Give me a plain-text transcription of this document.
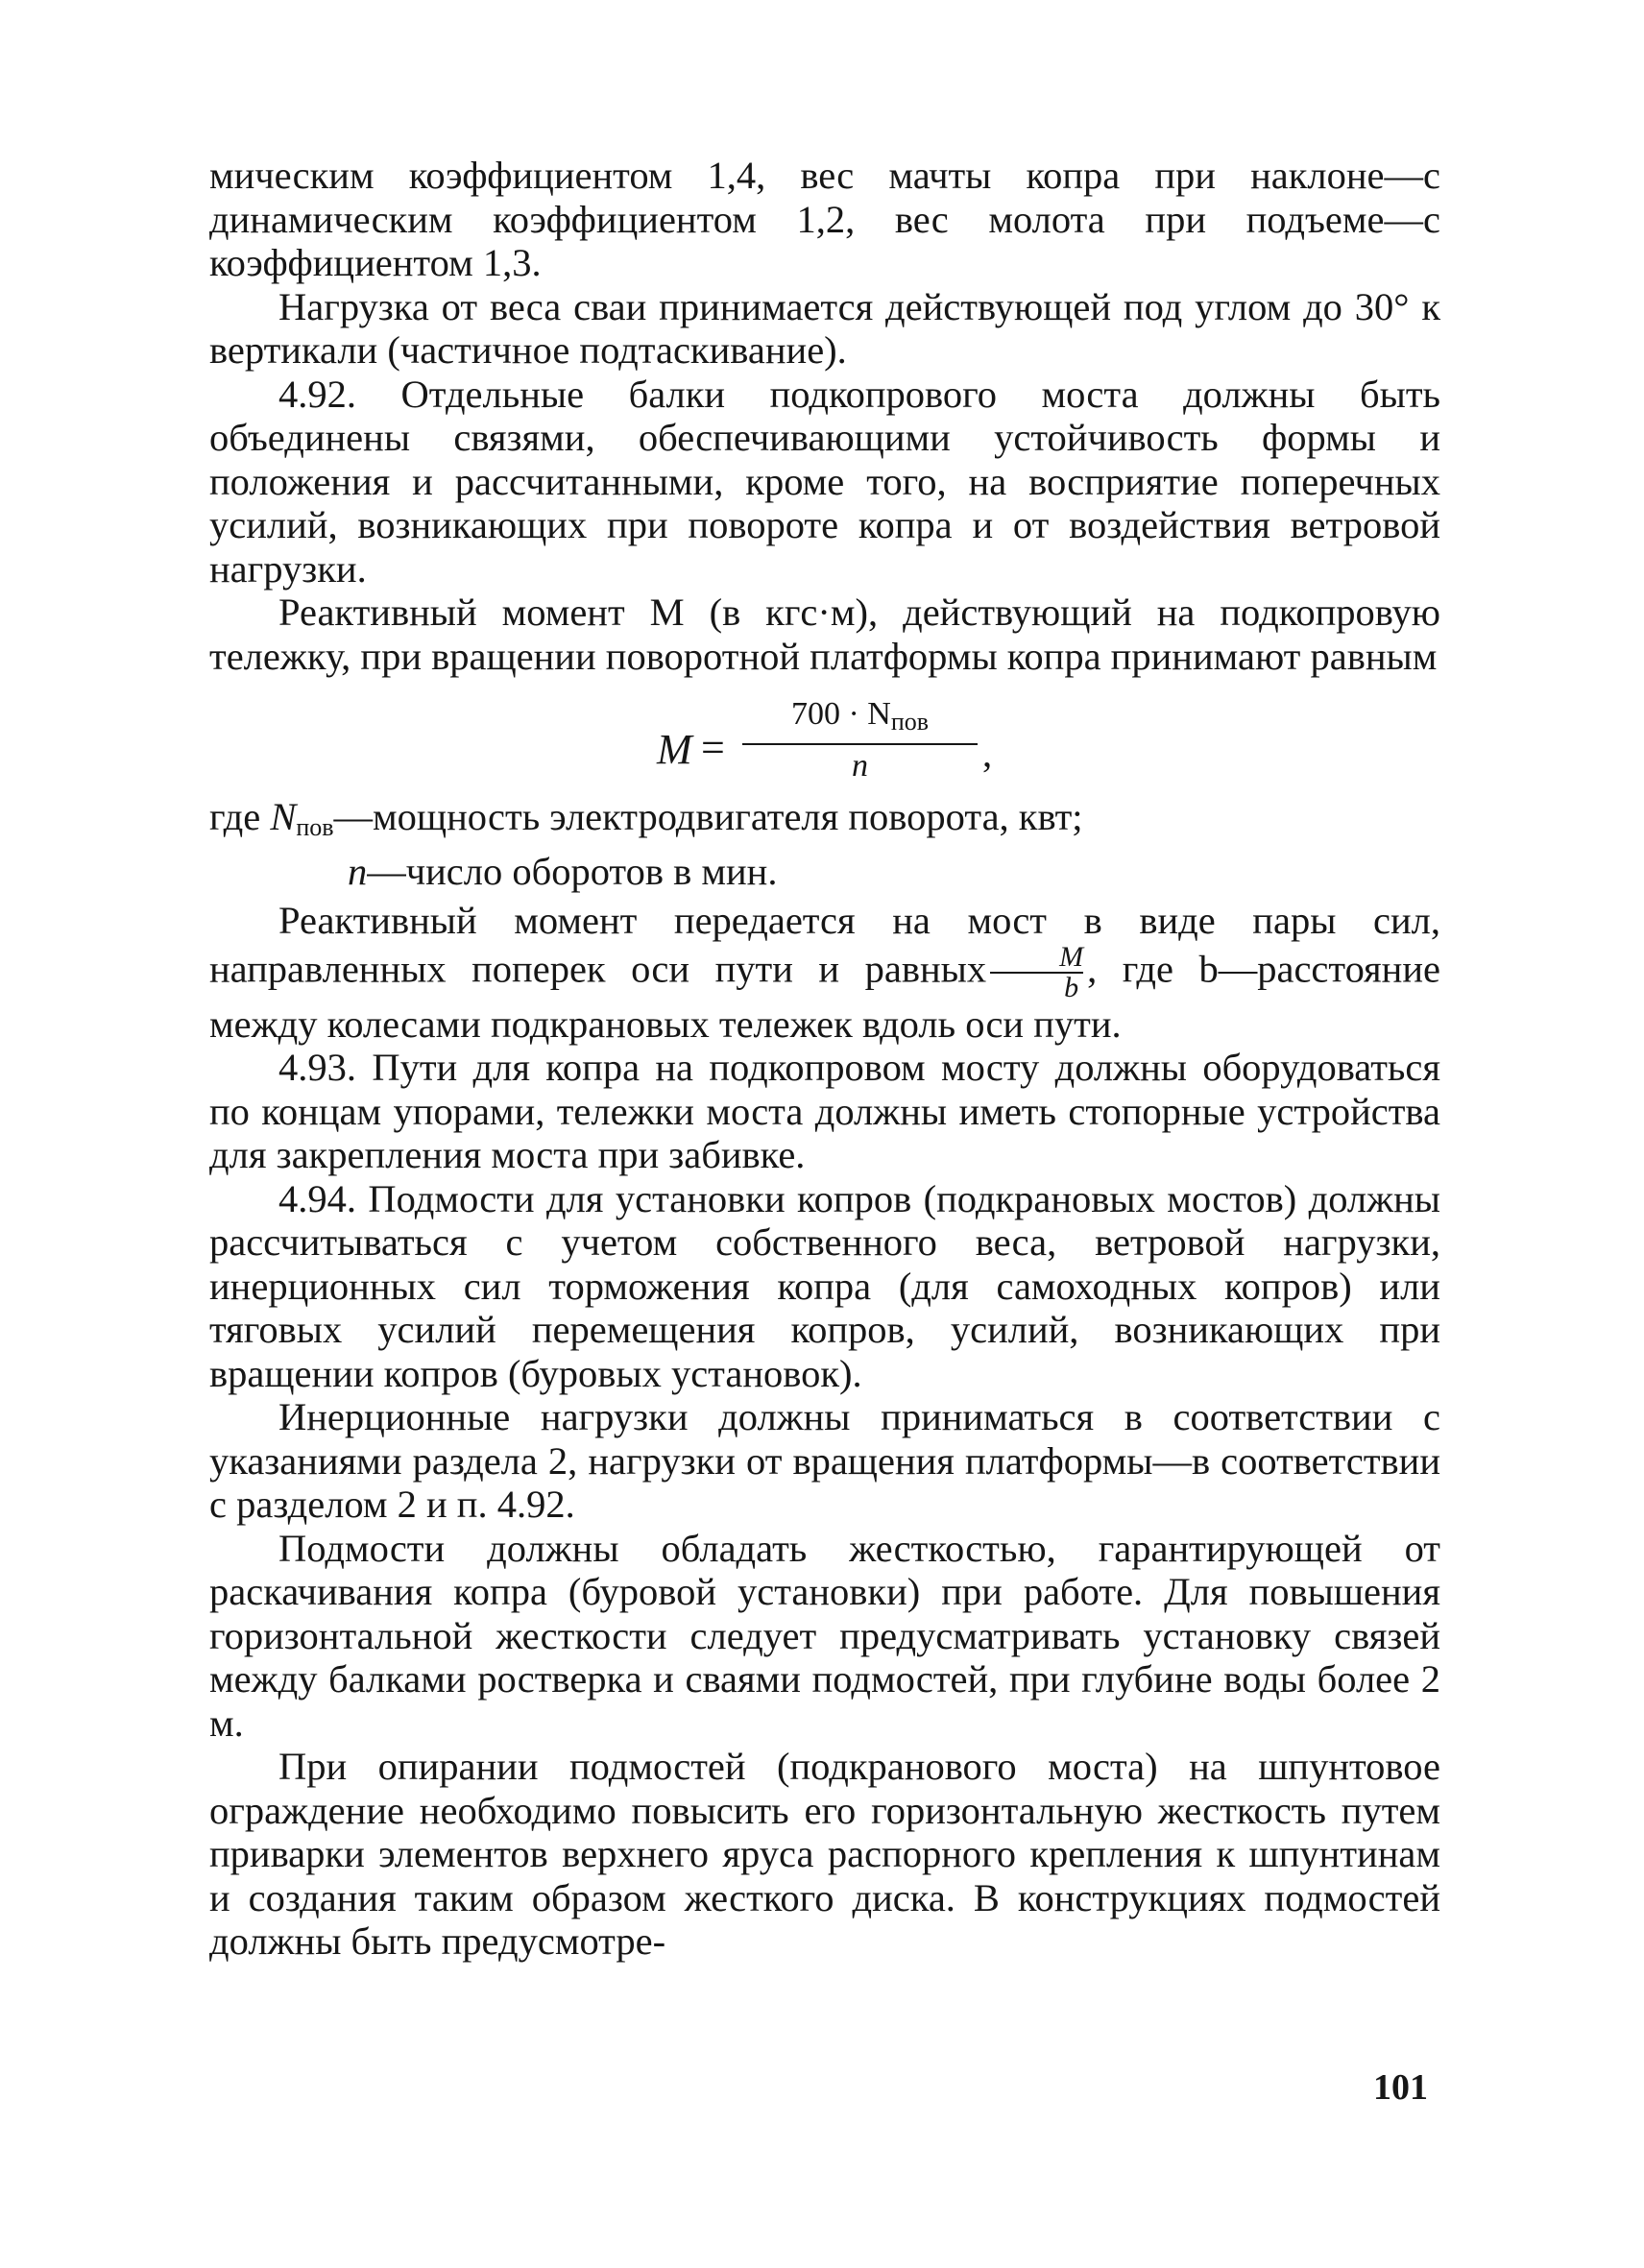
мическим коэффициентом 1,4, вес мачты копра при наклоне—с динамическим коэффициентом 1,2, вес молота при подъеме—с коэффициентом 1,3.

Нагрузка от веса сваи принимается действующей под углом до 30° к вертикали (частичное подтаскивание).

4.92. Отдельные балки подкопрового моста должны быть объединены связями, обеспечивающими устойчивость формы и положения и рассчитанными, кроме того, на восприятие поперечных усилий, возникающих при повороте копра и от воздействия ветровой нагрузки.

Реактивный момент М (в кгс·м), действующий на подкопровую тележку, при вращении поворотной платформы копра принимают равным

M =
$700 \cdot N_{пов}$
n	,
где $N_{пов}—мощность$ электродвигателя поворота, квт;
n—число оборотов в мин.

Реактивный момент передается на мост в виде пары сил, направленных поперек оси пути и равных $\frac{M}{b}$ , где b—расстояние между колесами подкрановых тележек вдоль оси пути.

4.93. Пути для копра на подкопровом мосту должны оборудоваться по концам упорами, тележки моста должны иметь стопорные устройства для закрепления моста при забивке.

4.94. Подмости для установки копров (подкрановых мостов) должны рассчитываться с учетом собственного веса, ветровой нагрузки, инерционных сил торможения копра (для самоходных копров) или тяговых усилий перемещения копров, усилий, возникающих при вращении копров (буровых установок).

Инерционные нагрузки должны приниматься в соответствии с указаниями раздела 2, нагрузки от вращения платформы—в соответствии с разделом 2 и п. 4.92.

Подмости должны обладать жесткостью, гарантирующей от раскачивания копра (буровой установки) при работе. Для повышения горизонтальной жесткости следует предусматривать установку связей между балками ростверка и сваями подмостей, при глубине воды более 2 м.

При опирании подмостей (подкранового моста) на шпунтовое ограждение необходимо повысить его горизонтальную жесткость путем приварки элементов верхнего яруса распорного крепления к шпунтинам и создания таким образом жесткого диска. В конструкциях подмостей должны быть предусмотре-

101
